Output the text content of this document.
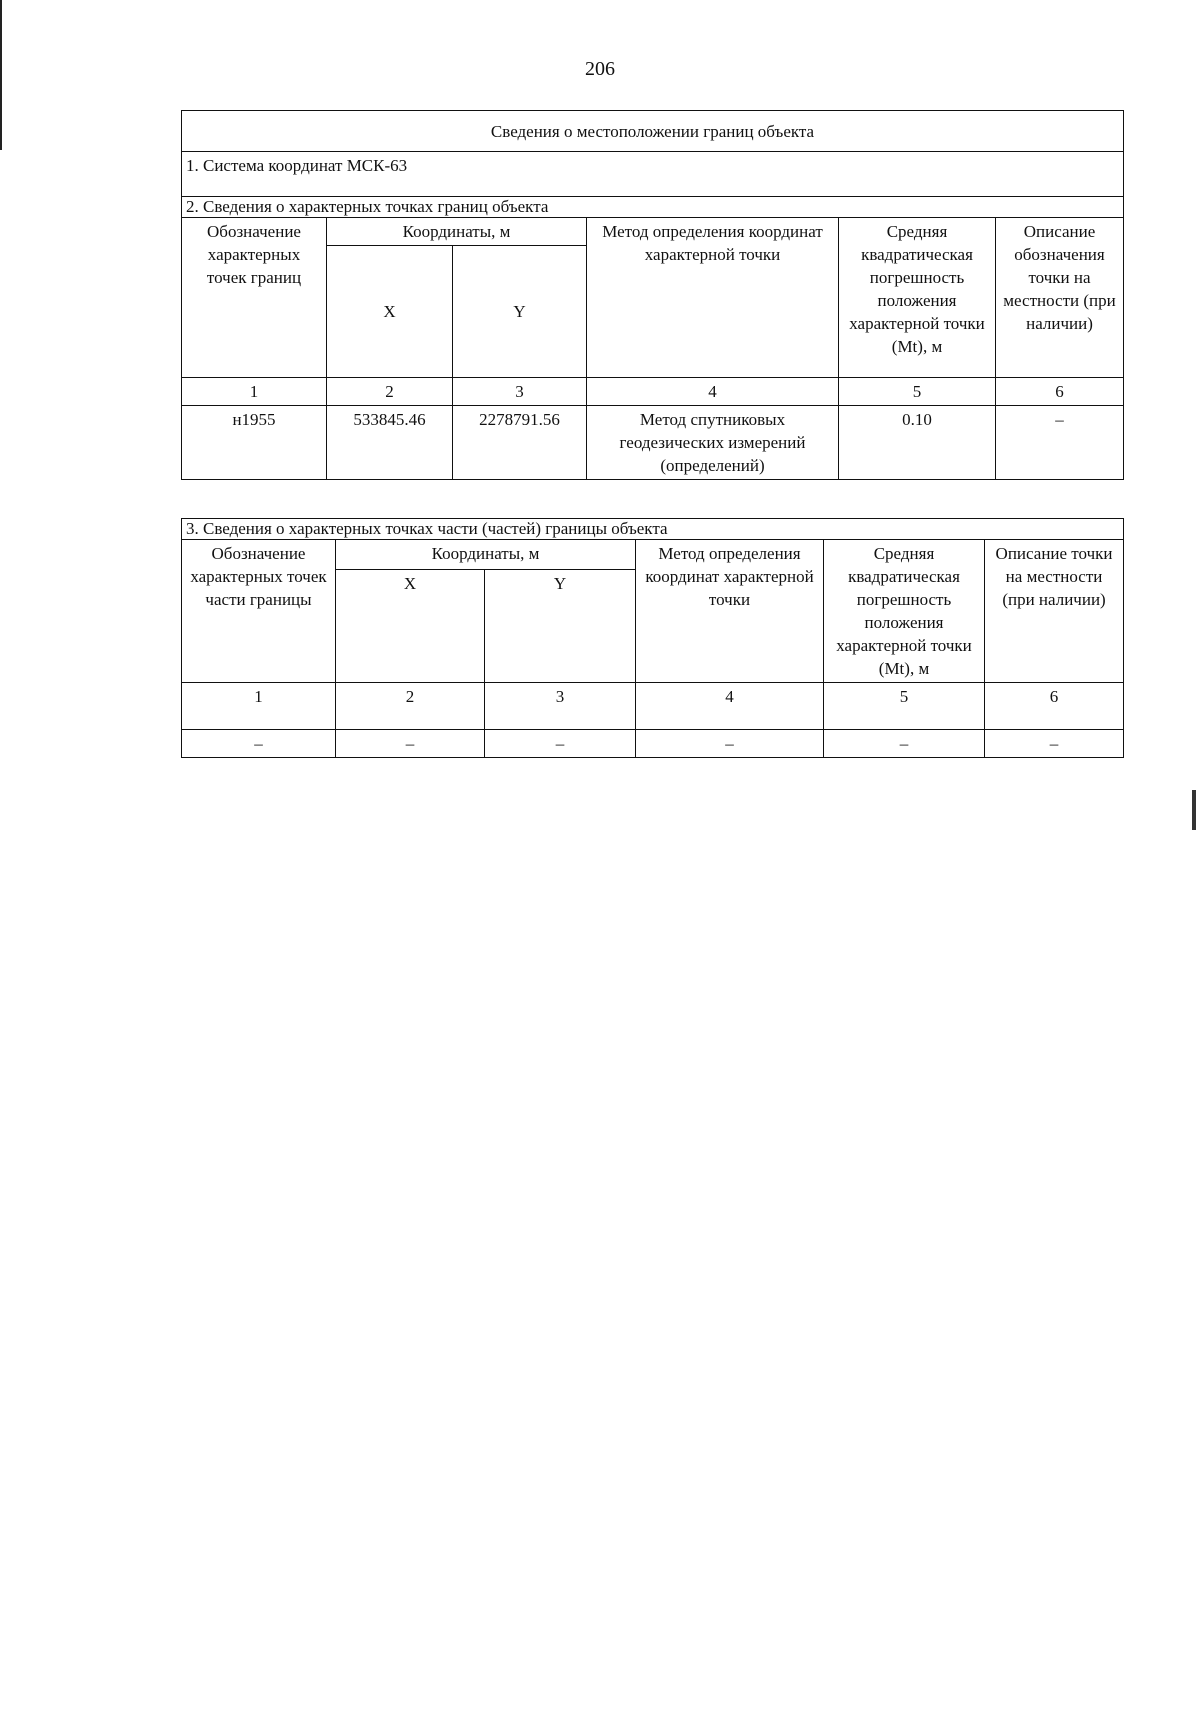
206
Сведения о местоположении границ объекта					
1. Система координат МСК-63					
2. Сведения о характерных точках границ объекта					
Обозначение характерных точек границ	Координаты, м		Метод определения координат характерной точки	Средняя квадратическая погрешность положения характерной точки (Mt), м	Описание обозначения точки на местности (при наличии)
	X	Y			
1	2	3	4	5	6
н1955	533845.46	2278791.56	Метод спутниковых геодезических измерений (определений)	0.10	–
3. Сведения о характерных точках части (частей) границы объекта					
Обозначение характерных точек части границы	Координаты, м		Метод определения координат характерной точки	Средняя квадратическая погрешность положения характерной точки (Mt), м	Описание точки на местности (при наличии)
	X	Y			
1	2	3	4	5	6
–	–	–	–	–	–
